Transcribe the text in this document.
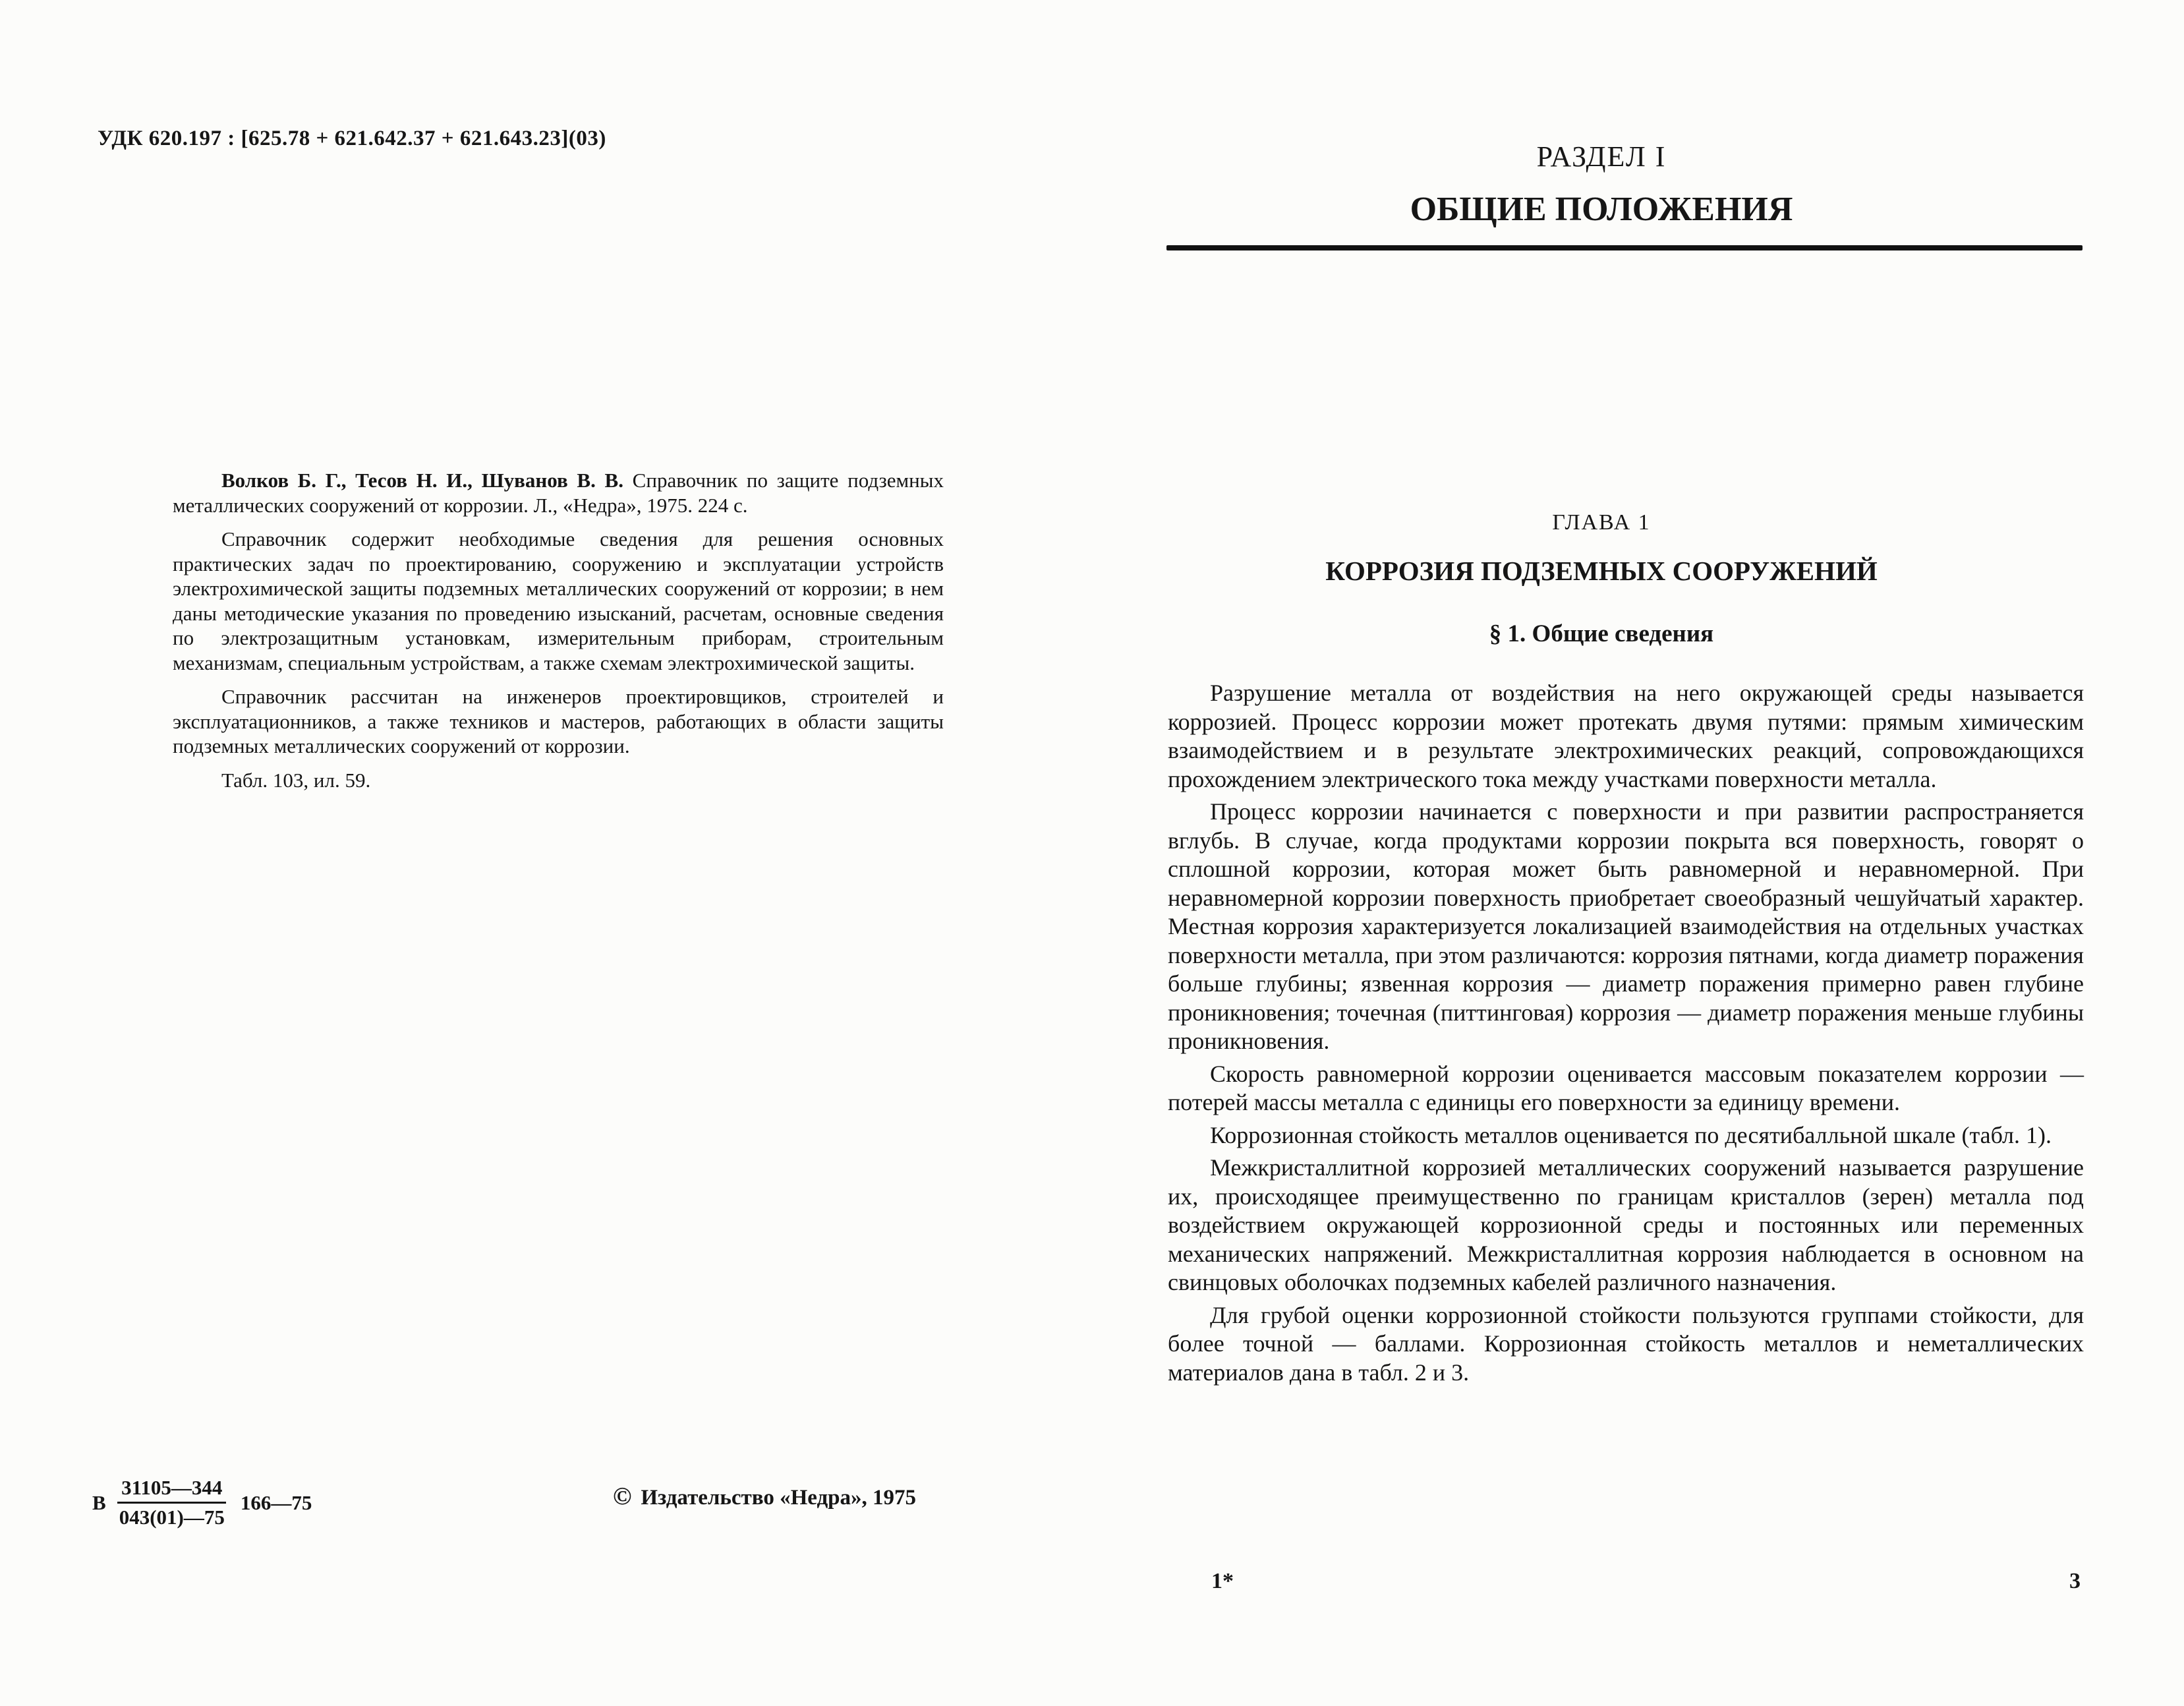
УДК 620.197 : [625.78 + 621.642.37 + 621.643.23](03)

Волков Б. Г., Тесов Н. И., Шуванов В. В. Справочник по защите подземных металлических сооружений от коррозии. Л., «Недра», 1975. 224 с.

Справочник содержит необходимые сведения для решения основных практических задач по проектированию, сооружению и эксплуатации устройств электрохимической защиты подземных металлических сооружений от коррозии; в нем даны методические указания по проведению изысканий, расчетам, основные сведения по электрозащитным установкам, измерительным приборам, строительным механизмам, специальным устройствам, а также схемам электрохимической защиты.

Справочник рассчитан на инженеров проектировщиков, строителей и эксплуатационников, а также техников и мастеров, работающих в области защиты подземных металлических сооружений от коррозии.

Табл. 103, ил. 59.

В $\frac{31105—344}{043(01)—75}$ 166—75	© Издательство «Недра», 1975
РАЗДЕЛ I
ОБЩИЕ ПОЛОЖЕНИЯ
ГЛАВА 1
КОРРОЗИЯ ПОДЗЕМНЫХ СООРУЖЕНИЙ
§ 1. Общие сведения

Разрушение металла от воздействия на него окружающей среды называется коррозией. Процесс коррозии может протекать двумя путями: прямым химическим взаимодействием и в результате электрохимических реакций, сопровождающихся прохождением электрического тока между участками поверхности металла.

Процесс коррозии начинается с поверхности и при развитии распространяется вглубь. В случае, когда продуктами коррозии покрыта вся поверхность, говорят о сплошной коррозии, которая может быть равномерной и неравномерной. При неравномерной коррозии поверхность приобретает своеобразный чешуйчатый характер. Местная коррозия характеризуется локализацией взаимодействия на отдельных участках поверхности металла, при этом различаются: коррозия пятнами, когда диаметр поражения больше глубины; язвенная коррозия — диаметр поражения примерно равен глубине проникновения; точечная (питтинговая) коррозия — диаметр поражения меньше глубины проникновения.

Скорость равномерной коррозии оценивается массовым показателем коррозии — потерей массы металла с единицы его поверхности за единицу времени.

Коррозионная стойкость металлов оценивается по десятибалльной шкале (табл. 1).

Межкристаллитной коррозией металлических сооружений называется разрушение их, происходящее преимущественно по границам кристаллов (зерен) металла под воздействием окружающей коррозионной среды и постоянных или переменных механических напряжений. Межкристаллитная коррозия наблюдается в основном на свинцовых оболочках подземных кабелей различного назначения.

Для грубой оценки коррозионной стойкости пользуются группами стойкости, для более точной — баллами. Коррозионная стойкость металлов и неметаллических материалов дана в табл. 2 и 3.

1*	3
